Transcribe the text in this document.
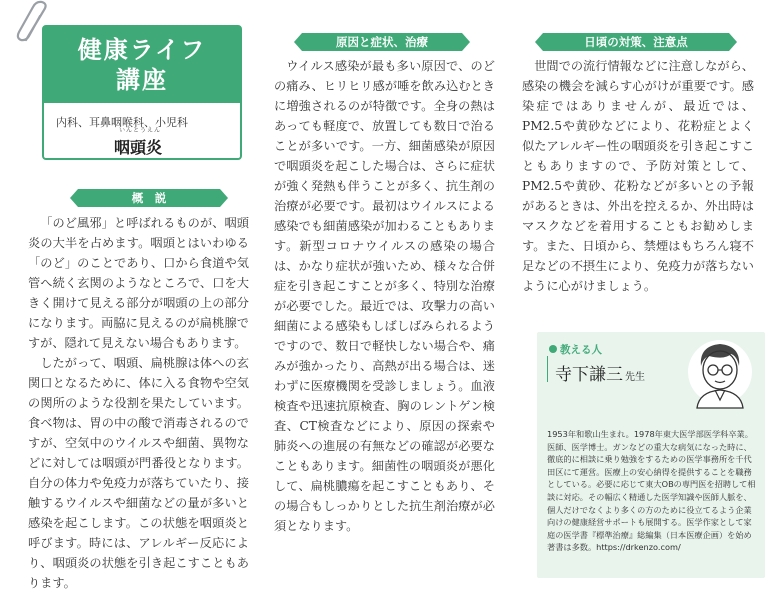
健康ライフ
講座
内科、耳鼻咽喉科、小児科
いんとうえん
咽頭炎
概　説

「のど風邪」と呼ばれるものが、咽頭炎の大半を占めます。咽頭とはいわゆる「のど」のことであり、口から食道や気管へ続く玄関のようなところで、口を大きく開けて見える部分が咽頭の上の部分になります。両脇に見えるのが扁桃腺ですが、隠れて見えない場合もあります。

したがって、咽頭、扁桃腺は体への玄関口となるために、体に入る食物や空気の関所のような役割を果たしています。食べ物は、胃の中の酸で消毒されるのですが、空気中のウイルスや細菌、異物などに対しては咽頭が門番役となります。自分の体力や免疫力が落ちていたり、接触するウイルスや細菌などの量が多いと感染を起こします。この状態を咽頭炎と呼びます。時には、アレルギー反応により、咽頭炎の状態を引き起こすこともあります。

原因と症状、治療

ウイルス感染が最も多い原因で、のどの痛み、ヒリヒリ感が唾を飲み込むときに増強されるのが特徴です。全身の熱はあっても軽度で、放置しても数日で治ることが多いです。一方、細菌感染が原因で咽頭炎を起こした場合は、さらに症状が強く発熱も伴うことが多く、抗生剤の治療が必要です。最初はウイルスによる感染でも細菌感染が加わることもあります。新型コロナウイルスの感染の場合は、かなり症状が強いため、様々な合併症を引き起こすことが多く、特別な治療が必要でした。最近では、攻撃力の高い細菌による感染もしばしばみられるようですので、数日で軽快しない場合や、痛みが強かったり、高熱が出る場合は、迷わずに医療機関を受診しましょう。血液検査や迅速抗原検査、胸のレントゲン検査、CT検査などにより、原因の探索や肺炎への進展の有無などの確認が必要なこともあります。細菌性の咽頭炎が悪化して、扁桃膿瘍を起こすこともあり、その場合もしっかりとした抗生剤治療が必須となります。

日頃の対策、注意点

世間での流行情報などに注意しながら、感染の機会を減らす心がけが重要です。感染症ではありませんが、最近では、PM2.5や黄砂などにより、花粉症とよく似たアレルギー性の咽頭炎を引き起こすこともありますので、予防対策として、PM2.5や黄砂、花粉などが多いとの予報があるときは、外出を控えるか、外出時はマスクなどを着用することもお勧めします。また、日頃から、禁煙はもちろん寝不足などの不摂生により、免疫力が落ちないように心がけましょう。

教える人
寺下謙三 先生
1953年和歌山生まれ。1978年東大医学部医学科卒業。医師、医学博士。ガンなどの重大な病気になった時に、徹底的に相談に乗り勉強をするための医学事務所を千代田区にて運営。医療上の安心納得を提供することを職務としている。必要に応じて東大OBの専門医を招聘して相談に対応。その幅広く精通した医学知識や医師人脈を、個人だけでなくより多くの方のために役立てるよう企業向けの健康経営サポートも展開する。医学作家として家庭の医学書『標準治療』総編集（日本医療企画）を始め著書は多数。https://drkenzo.com/
